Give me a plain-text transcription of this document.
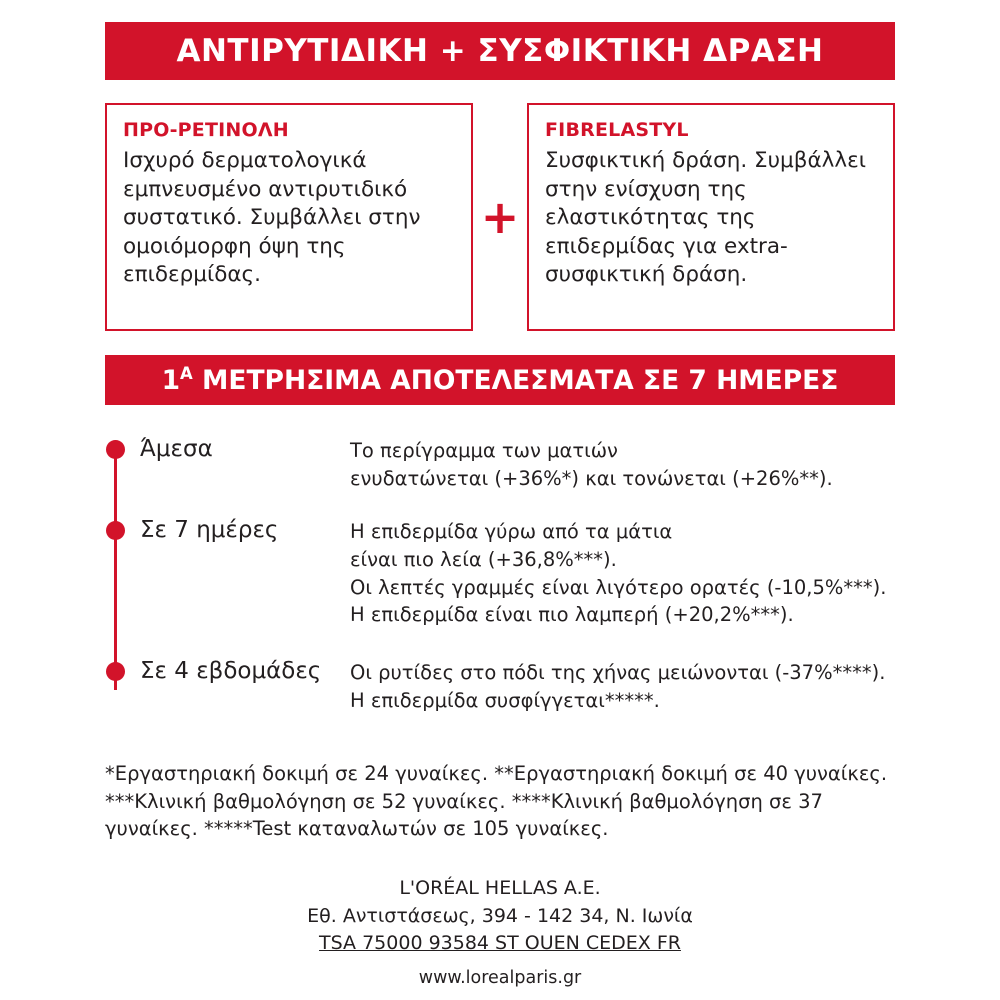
ΑΝΤΙΡΥΤΙΔΙΚΗ + ΣΥΣΦΙΚΤΙΚΗ ΔΡΑΣΗ
ΠΡΟ-ΡΕΤΙΝΟΛΗ
Ισχυρό δερματολογικά εμπνευσμένο αντιρυτιδικό συστατικό. Συμβάλλει στην ομοιόμορφη όψη της επιδερμίδας.
+
FIBRELASTYL
Συσφικτική δράση. Συμβάλλει στην ενίσχυση της ελαστικότητας της επιδερμίδας για extra-συσφικτική δράση.
$1^A$ ΜΕΤΡΗΣΙΜΑ ΑΠΟΤΕΛΕΣΜΑΤΑ ΣΕ 7 ΗΜΕΡΕΣ
Άμεσα	Το περίγραμμα των ματιών
ενυδατώνεται (+36%*) και τονώνεται (+26%**).
Σε 7 ημέρες	Η επιδερμίδα γύρω από τα μάτια
είναι πιο λεία (+36,8%***).
Οι λεπτές γραμμές είναι λιγότερο ορατές (-10,5%***).
Η επιδερμίδα είναι πιο λαμπερή (+20,2%***).
Σε 4 εβδομάδες	Οι ρυτίδες στο πόδι της χήνας μειώνονται (-37%****).
Η επιδερμίδα συσφίγγεται*****.
*Εργαστηριακή δοκιμή σε 24 γυναίκες. **Εργαστηριακή δοκιμή σε 40 γυναίκες. ***Κλινική βαθμολόγηση σε 52 γυναίκες. ****Κλινική βαθμολόγηση σε 37 γυναίκες. *****Test καταναλωτών σε 105 γυναίκες.
L'ORÉAL HELLAS A.E.
Εθ. Αντιστάσεως, 394 - 142 34, Ν. Ιωνία
TSA 75000 93584 ST OUEN CEDEX FR
www.lorealparis.gr
